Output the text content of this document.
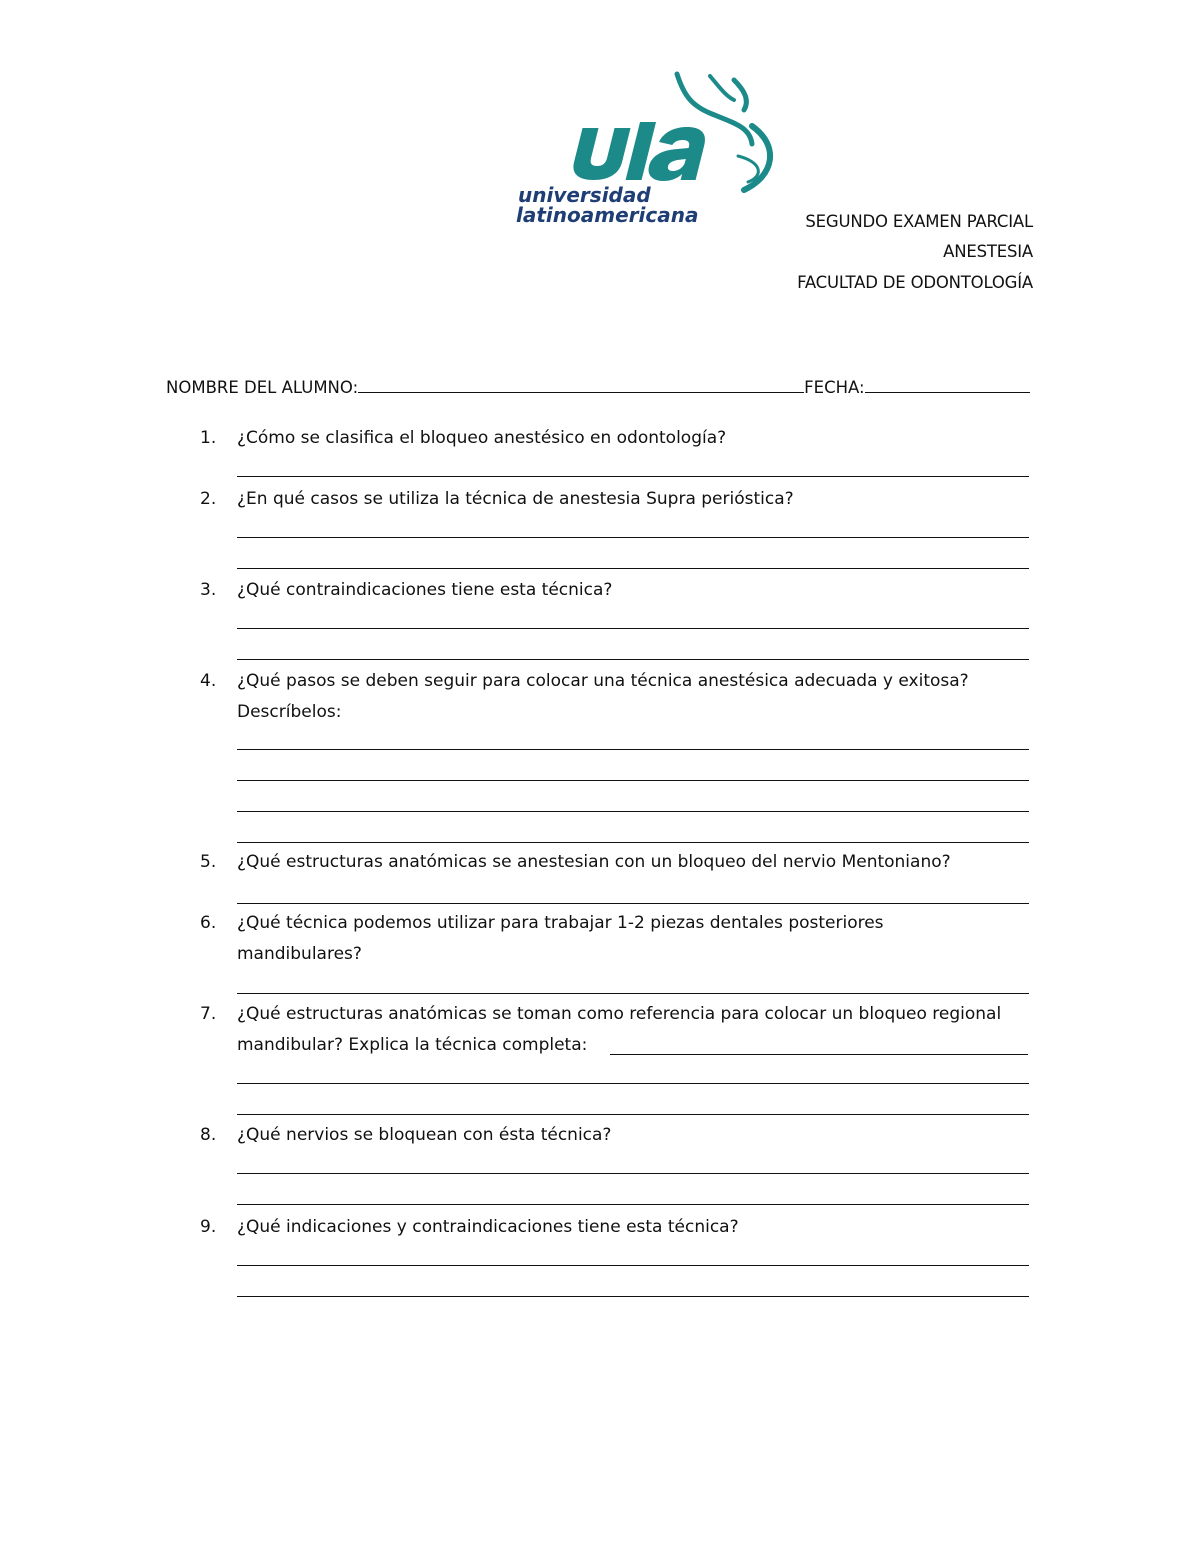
universidad
latinoamericana	SEGUNDO EXAMEN PARCIAL
ANESTESIA
FACULTAD DE ODONTOLOGÍA
NOMBRE DEL ALUMNO:	FECHA:
1. ¿Cómo se clasifica el bloqueo anestésico en odontología?
2. ¿En qué casos se utiliza la técnica de anestesia Supra perióstica?
3. ¿Qué contraindicaciones tiene esta técnica?
4. ¿Qué pasos se deben seguir para colocar una técnica anestésica adecuada y exitosa?
Descríbelos:
5. ¿Qué estructuras anatómicas se anestesian con un bloqueo del nervio Mentoniano?
6. ¿Qué técnica podemos utilizar para trabajar 1-2 piezas dentales posteriores
mandibulares?
7. ¿Qué estructuras anatómicas se toman como referencia para colocar un bloqueo regional
mandibular? Explica la técnica completa:
8. ¿Qué nervios se bloquean con ésta técnica?
9. ¿Qué indicaciones y contraindicaciones tiene esta técnica?
